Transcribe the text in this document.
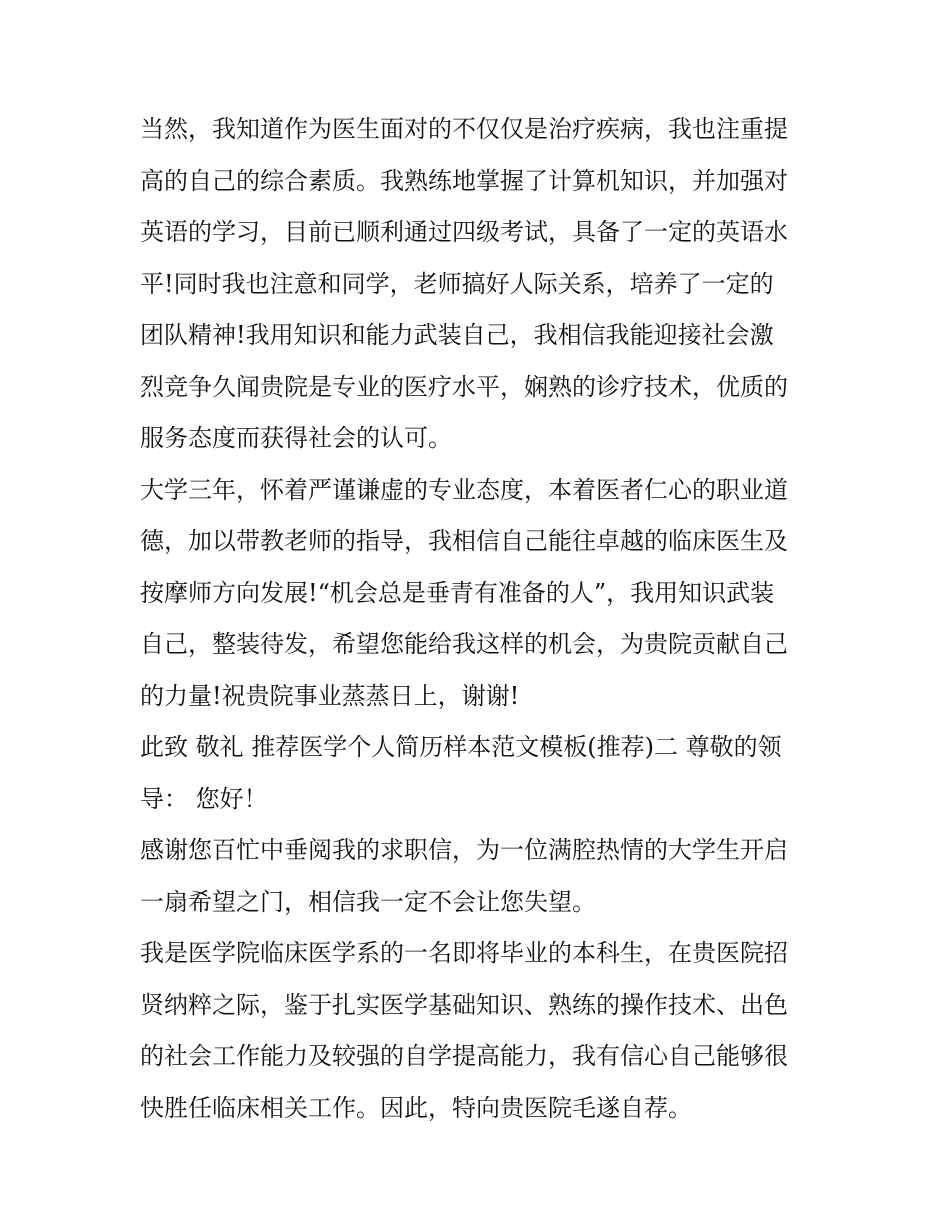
当然，我知道作为医生面对的不仅仅是治疗疾病，我也注重提
高的自己的综合素质。我熟练地掌握了计算机知识，并加强对
英语的学习，目前已顺利通过四级考试，具备了一定的英语水
平!同时我也注意和同学，老师搞好人际关系，培养了一定的
团队精神!我用知识和能力武装自己，我相信我能迎接社会激
烈竞争久闻贵院是专业的医疗水平，娴熟的诊疗技术，优质的
服务态度而获得社会的认可。
大学三年，怀着严谨谦虚的专业态度，本着医者仁心的职业道
德，加以带教老师的指导，我相信自己能往卓越的临床医生及
按摩师方向发展!“机会总是垂青有准备的人”，我用知识武装
自己，整装待发，希望您能给我这样的机会，为贵院贡献自己
的力量!祝贵院事业蒸蒸日上，谢谢!
此致 敬礼 推荐医学个人简历样本范文模板(推荐)二 尊敬的领
导： 您好！
感谢您百忙中垂阅我的求职信，为一位满腔热情的大学生开启
一扇希望之门，相信我一定不会让您失望。
我是医学院临床医学系的一名即将毕业的本科生，在贵医院招
贤纳粹之际，鉴于扎实医学基础知识、熟练的操作技术、出色
的社会工作能力及较强的自学提高能力，我有信心自己能够很
快胜任临床相关工作。因此，特向贵医院毛遂自荐。
